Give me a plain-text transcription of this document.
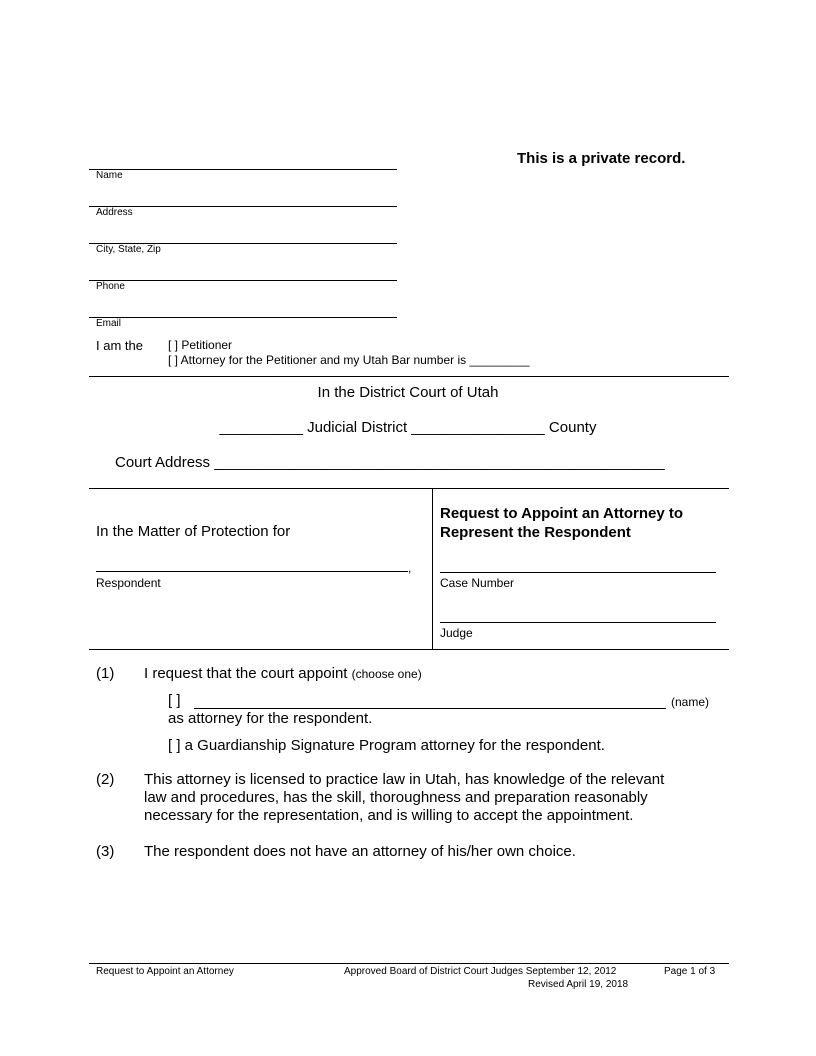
This is a private record.
Name
Address
City, State, Zip
Phone
Email
I am the [ ] Petitioner
[ ] Attorney for the Petitioner and my Utah Bar number is _________
In the District Court of Utah
__________ Judicial District ________________ County
Court Address ______________________________________________________
In the Matter of Protection for
,
Respondent
Request to Appoint an Attorney to
Represent the Respondent
Case Number
Judge
(1) I request that the court appoint (choose one)
[ ]	(name)
as attorney for the respondent.
[ ] a Guardianship Signature Program attorney for the respondent.
(2) This attorney is licensed to practice law in Utah, has knowledge of the relevant
law and procedures, has the skill, thoroughness and preparation reasonably
necessary for the representation, and is willing to accept the appointment.
(3) The respondent does not have an attorney of his/her own choice.
Request to Appoint an Attorney	Approved Board of District Court Judges September 12, 2012
Revised April 19, 2018
Page 1 of 3
